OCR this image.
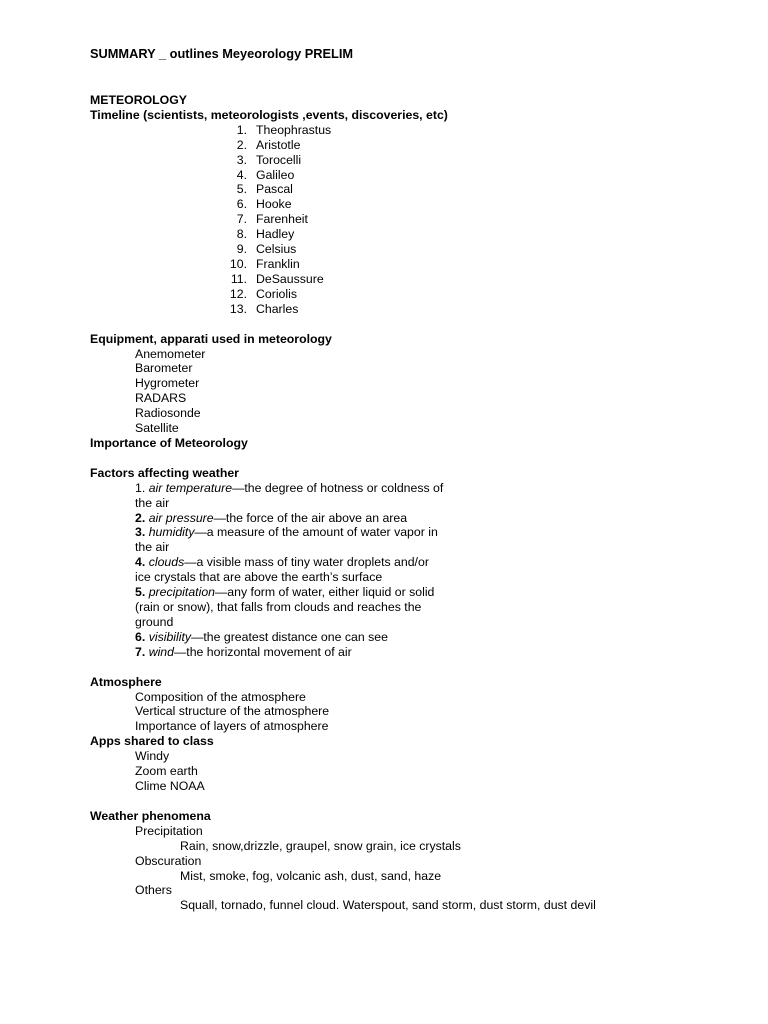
SUMMARY _ outlines Meyeorology PRELIM
METEOROLOGY
Timeline (scientists, meteorologists ,events, discoveries, etc)
1. Theophrastus
2. Aristotle
3. Torocelli
4. Galileo
5. Pascal
6. Hooke
7. Farenheit
8. Hadley
9. Celsius
10. Franklin
11. DeSaussure
12. Coriolis
13. Charles
Equipment, apparati used in meteorology
Anemometer
Barometer
Hygrometer
RADARS
Radiosonde
Satellite
Importance of Meteorology
Factors affecting weather
1. air temperature—the degree of hotness or coldness of the air
2. air pressure—the force of the air above an area
3. humidity—a measure of the amount of water vapor in the air
4. clouds—a visible mass of tiny water droplets and/or ice crystals that are above the earth’s surface
5. precipitation—any form of water, either liquid or solid (rain or snow), that falls from clouds and reaches the ground
6. visibility—the greatest distance one can see
7. wind—the horizontal movement of air
Atmosphere
Composition of the atmosphere
Vertical structure of the atmosphere
Importance of layers of atmosphere
Apps shared to class
Windy
Zoom earth
Clime NOAA
Weather phenomena
Precipitation
Rain, snow,drizzle, graupel, snow grain, ice crystals
Obscuration
Mist, smoke, fog, volcanic ash, dust, sand, haze
Others
Squall, tornado, funnel cloud. Waterspout, sand storm, dust storm, dust devil
